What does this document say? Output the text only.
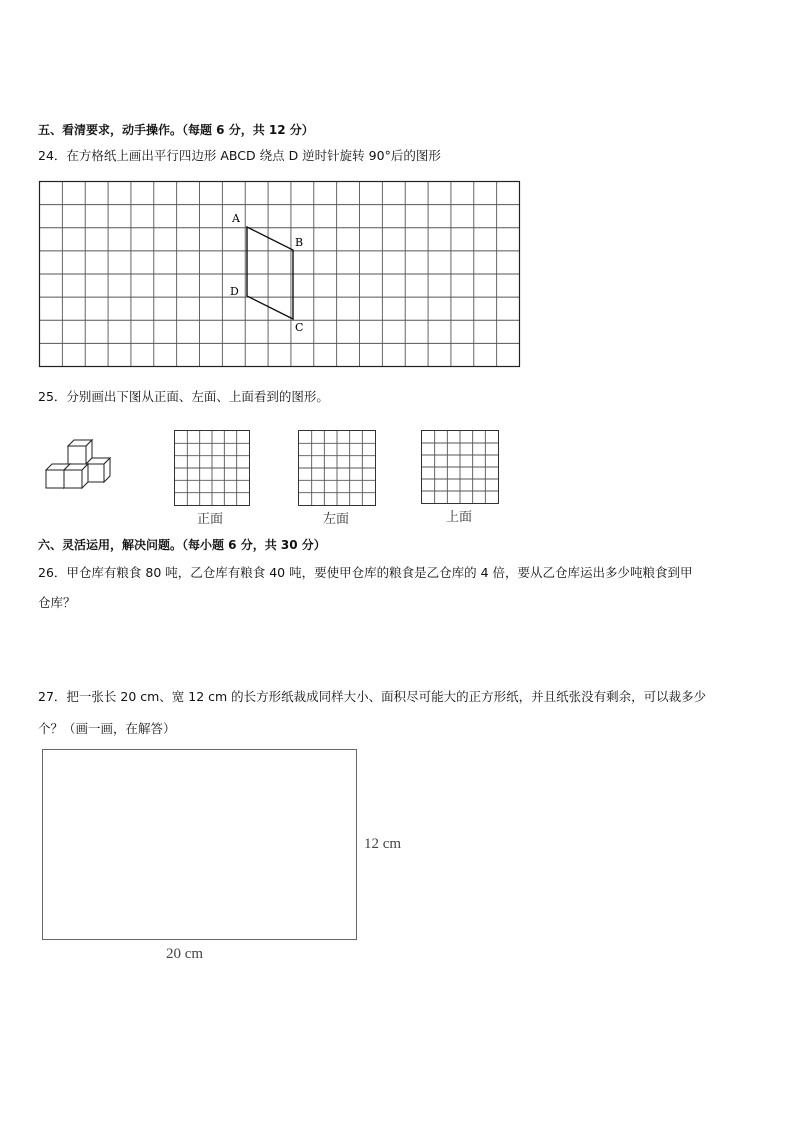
五、看清要求，动手操作。（每题 6 分，共 12 分）
24．在方格纸上画出平行四边形 ABCD 绕点 D 逆时针旋转 90°后的图形
A
B
C
D
25．分别画出下图从正面、左面、上面看到的图形。
正面	左面	上面
六、灵活运用，解决问题。（每小题 6 分，共 30 分）
26．甲仓库有粮食 80 吨，乙仓库有粮食 40 吨，要使甲仓库的粮食是乙仓库的 4 倍，要从乙仓库运出多少吨粮食到甲
仓库？
27．把一张长 20 cm、宽 12 cm 的长方形纸裁成同样大小、面积尽可能大的正方形纸，并且纸张没有剩余，可以裁多少
个？（画一画，在解答）
12 cm
20 cm
